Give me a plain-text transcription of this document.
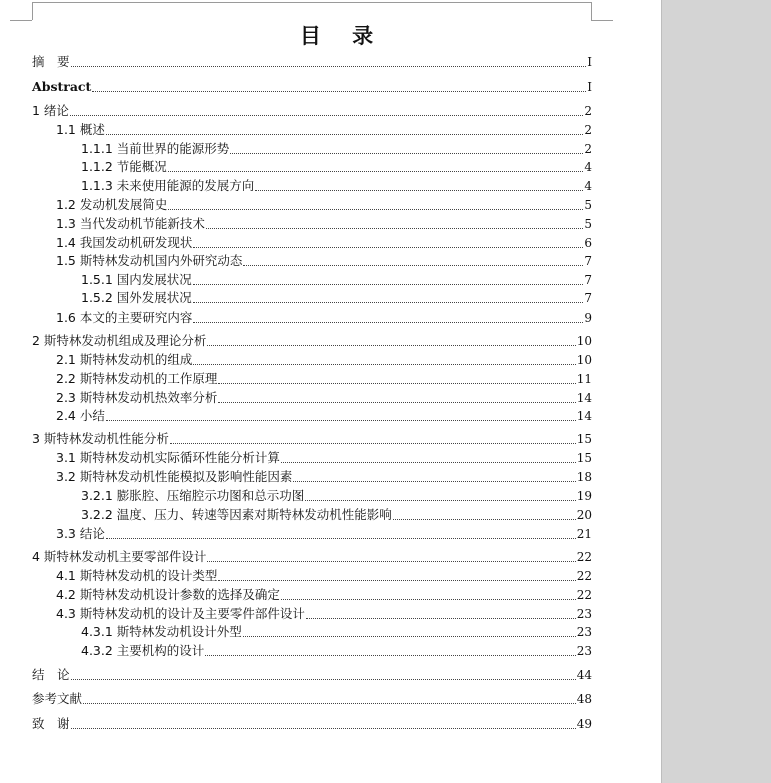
目 录
摘　要	I
Abstract	I
1 绪论	2
1.1 概述	2
1.1.1 当前世界的能源形势	2
1.1.2 节能概况	4
1.1.3 未来使用能源的发展方向	4
1.2 发动机发展简史	5
1.3 当代发动机节能新技术	5
1.4 我国发动机研发现状	6
1.5 斯特林发动机国内外研究动态	7
1.5.1 国内发展状况	7
1.5.2 国外发展状况	7
1.6 本文的主要研究内容	9
2 斯特林发动机组成及理论分析	10
2.1 斯特林发动机的组成	10
2.2 斯特林发动机的工作原理	11
2.3 斯特林发动机热效率分析	14
2.4 小结	14
3 斯特林发动机性能分析	15
3.1 斯特林发动机实际循环性能分析计算	15
3.2 斯特林发动机性能模拟及影响性能因素	18
3.2.1 膨胀腔、压缩腔示功图和总示功图	19
3.2.2 温度、压力、转速等因素对斯特林发动机性能影响	20
3.3 结论	21
4 斯特林发动机主要零部件设计	22
4.1 斯特林发动机的设计类型	22
4.2 斯特林发动机设计参数的选择及确定	22
4.3 斯特林发动机的设计及主要零件部件设计	23
4.3.1 斯特林发动机设计外型	23
4.3.2 主要机构的设计	23
结　论	44
参考文献	48
致　谢	49
